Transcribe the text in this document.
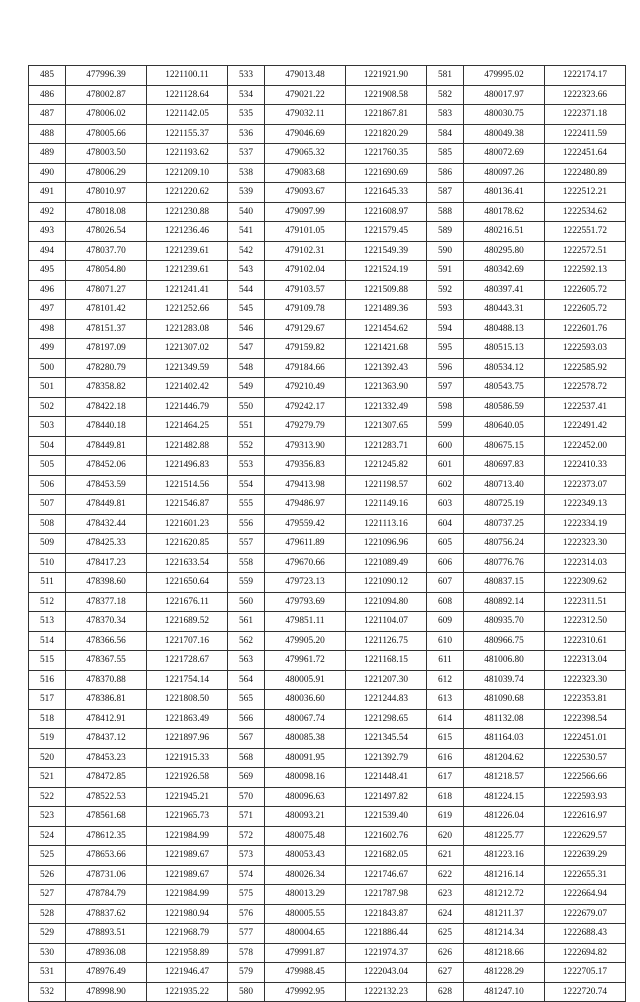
485	477996.39	1221100.11	533	479013.48	1221921.90	581	479995.02	1222174.17
486	478002.87	1221128.64	534	479021.22	1221908.58	582	480017.97	1222323.66
487	478006.02	1221142.05	535	479032.11	1221867.81	583	480030.75	1222371.18
488	478005.66	1221155.37	536	479046.69	1221820.29	584	480049.38	1222411.59
489	478003.50	1221193.62	537	479065.32	1221760.35	585	480072.69	1222451.64
490	478006.29	1221209.10	538	479083.68	1221690.69	586	480097.26	1222480.89
491	478010.97	1221220.62	539	479093.67	1221645.33	587	480136.41	1222512.21
492	478018.08	1221230.88	540	479097.99	1221608.97	588	480178.62	1222534.62
493	478026.54	1221236.46	541	479101.05	1221579.45	589	480216.51	1222551.72
494	478037.70	1221239.61	542	479102.31	1221549.39	590	480295.80	1222572.51
495	478054.80	1221239.61	543	479102.04	1221524.19	591	480342.69	1222592.13
496	478071.27	1221241.41	544	479103.57	1221509.88	592	480397.41	1222605.72
497	478101.42	1221252.66	545	479109.78	1221489.36	593	480443.31	1222605.72
498	478151.37	1221283.08	546	479129.67	1221454.62	594	480488.13	1222601.76
499	478197.09	1221307.02	547	479159.82	1221421.68	595	480515.13	1222593.03
500	478280.79	1221349.59	548	479184.66	1221392.43	596	480534.12	1222585.92
501	478358.82	1221402.42	549	479210.49	1221363.90	597	480543.75	1222578.72
502	478422.18	1221446.79	550	479242.17	1221332.49	598	480586.59	1222537.41
503	478440.18	1221464.25	551	479279.79	1221307.65	599	480640.05	1222491.42
504	478449.81	1221482.88	552	479313.90	1221283.71	600	480675.15	1222452.00
505	478452.06	1221496.83	553	479356.83	1221245.82	601	480697.83	1222410.33
506	478453.59	1221514.56	554	479413.98	1221198.57	602	480713.40	1222373.07
507	478449.81	1221546.87	555	479486.97	1221149.16	603	480725.19	1222349.13
508	478432.44	1221601.23	556	479559.42	1221113.16	604	480737.25	1222334.19
509	478425.33	1221620.85	557	479611.89	1221096.96	605	480756.24	1222323.30
510	478417.23	1221633.54	558	479670.66	1221089.49	606	480776.76	1222314.03
511	478398.60	1221650.64	559	479723.13	1221090.12	607	480837.15	1222309.62
512	478377.18	1221676.11	560	479793.69	1221094.80	608	480892.14	1222311.51
513	478370.34	1221689.52	561	479851.11	1221104.07	609	480935.70	1222312.50
514	478366.56	1221707.16	562	479905.20	1221126.75	610	480966.75	1222310.61
515	478367.55	1221728.67	563	479961.72	1221168.15	611	481006.80	1222313.04
516	478370.88	1221754.14	564	480005.91	1221207.30	612	481039.74	1222323.30
517	478386.81	1221808.50	565	480036.60	1221244.83	613	481090.68	1222353.81
518	478412.91	1221863.49	566	480067.74	1221298.65	614	481132.08	1222398.54
519	478437.12	1221897.96	567	480085.38	1221345.54	615	481164.03	1222451.01
520	478453.23	1221915.33	568	480091.95	1221392.79	616	481204.62	1222530.57
521	478472.85	1221926.58	569	480098.16	1221448.41	617	481218.57	1222566.66
522	478522.53	1221945.21	570	480096.63	1221497.82	618	481224.15	1222593.93
523	478561.68	1221965.73	571	480093.21	1221539.40	619	481226.04	1222616.97
524	478612.35	1221984.99	572	480075.48	1221602.76	620	481225.77	1222629.57
525	478653.66	1221989.67	573	480053.43	1221682.05	621	481223.16	1222639.29
526	478731.06	1221989.67	574	480026.34	1221746.67	622	481216.14	1222655.31
527	478784.79	1221984.99	575	480013.29	1221787.98	623	481212.72	1222664.94
528	478837.62	1221980.94	576	480005.55	1221843.87	624	481211.37	1222679.07
529	478893.51	1221968.79	577	480004.65	1221886.44	625	481214.34	1222688.43
530	478936.08	1221958.89	578	479991.87	1221974.37	626	481218.66	1222694.82
531	478976.49	1221946.47	579	479988.45	1222043.04	627	481228.29	1222705.17
532	478998.90	1221935.22	580	479992.95	1222132.23	628	481247.10	1222720.74
